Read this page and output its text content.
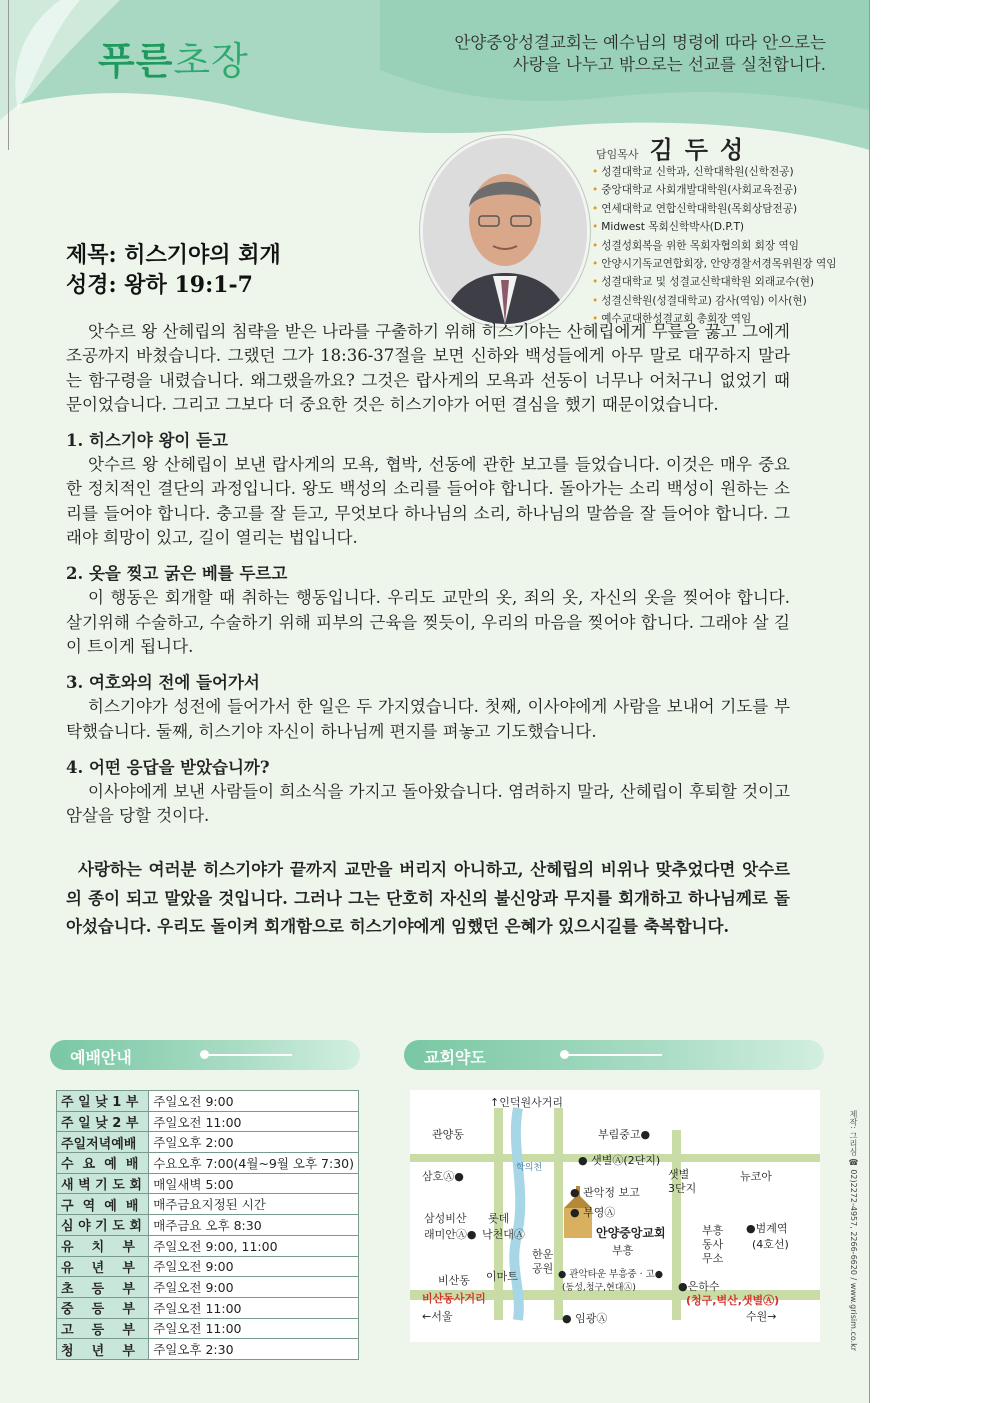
푸른초장	안양중앙성결교회는 예수님의 명령에 따라 안으로는
사랑을 나누고 밖으로는 선교를 실천합니다.
담임목사 김두성
• 성결대학교 신학과, 신학대학원(신학전공)
• 중앙대학교 사회개발대학원(사회교육전공)
• 연세대학교 연합신학대학원(목회상담전공)
• Midwest 목회신학박사(D.P.T)
• 성결성회복을 위한 목회자협의회 회장 역임
• 안양시기독교연합회장, 안양경찰서경목위원장 역임
• 성결대학교 및 성결교신학대학원 외래교수(현)
• 성결신학원(성결대학교) 감사(역임) 이사(현)
• 예수교대한성결교회 총회장 역임
제목: 히스기야의 회개
성경: 왕하 19:1-7

앗수르 왕 산헤립의 침략을 받은 나라를 구출하기 위해 히스기야는 산헤립에게 무릎을 꿇고 그에게 조공까지 바쳤습니다. 그랬던 그가 18:36-37절을 보면 신하와 백성들에게 아무 말로 대꾸하지 말라는 함구령을 내렸습니다. 왜그랬을까요? 그것은 랍사게의 모욕과 선동이 너무나 어처구니 없었기 때문이었습니다. 그리고 그보다 더 중요한 것은 히스기야가 어떤 결심을 했기 때문이었습니다.

1. 히스기야 왕이 듣고

앗수르 왕 산헤립이 보낸 랍사게의 모욕, 협박, 선동에 관한 보고를 들었습니다. 이것은 매우 중요한 정치적인 결단의 과정입니다. 왕도 백성의 소리를 들어야 합니다. 돌아가는 소리 백성이 원하는 소리를 들어야 합니다. 충고를 잘 듣고, 무엇보다 하나님의 소리, 하나님의 말씀을 잘 들어야 합니다. 그래야 희망이 있고, 길이 열리는 법입니다.

2. 옷을 찢고 굵은 베를 두르고

이 행동은 회개할 때 취하는 행동입니다. 우리도 교만의 옷, 죄의 옷, 자신의 옷을 찢어야 합니다. 살기위해 수술하고, 수술하기 위해 피부의 근육을 찢듯이, 우리의 마음을 찢어야 합니다. 그래야 살 길이 트이게 됩니다.

3. 여호와의 전에 들어가서

히스기야가 성전에 들어가서 한 일은 두 가지였습니다. 첫째, 이사야에게 사람을 보내어 기도를 부탁했습니다. 둘째, 히스기야 자신이 하나님께 편지를 펴놓고 기도했습니다.

4. 어떤 응답을 받았습니까?

이사야에게 보낸 사람들이 희소식을 가지고 돌아왔습니다. 염려하지 말라, 산헤립이 후퇴할 것이고 암살을 당할 것이다.

사랑하는 여러분 히스기야가 끝까지 교만을 버리지 아니하고, 산헤립의 비위나 맞추었다면 앗수르의 종이 되고 말았을 것입니다. 그러나 그는 단호히 자신의 불신앙과 무지를 회개하고 하나님께로 돌아섰습니다. 우리도 돌이켜 회개함으로 히스기야에게 임했던 은혜가 있으시길를 축복합니다.

예배안내
주 일 낮 1 부	주일오전 9:00
주 일 낮 2 부	주일오전 11:00
주일저녁예배	주일오후 2:00
수  요  예  배	수요오후 7:00(4월~9월 오후 7:30)
새 벽 기 도 회	매일새벽 5:00
구  역  예  배	매주금요지정된 시간
심 야 기 도 회	매주금요 오후 8:30
유    치    부	주일오전 9:00, 11:00
유    년    부	주일오전 9:00
초    등    부	주일오전 9:00
중    등    부	주일오전 11:00
고    등    부	주일오전 11:00
청    년    부	주일오후 2:30
교회약도
관양동
↑인덕원사거리
부림중고●
삼호Ⓐ●
학의천
● 샛별Ⓐ(2단지)
샛별
3단지
뉴코아
● 관악정 보고
삼성비산
래미안Ⓐ●
롯데
낙천대Ⓐ
● 부영Ⓐ
안양중앙교회
부흥
부흥
동사
무소
●범계역
(4호선)
한운
공원
비산동 이마트	● 관악타운 부흥중 · 고●
(동성,청구,현대Ⓐ)	●은하수
비산동사거리
←서울	● 임광Ⓐ
(청구,벽산,샛별Ⓐ)
수원→	제작: 그리심 ☎ 02)2272-4957, 2266-6620 / www.grisim.co.kr
